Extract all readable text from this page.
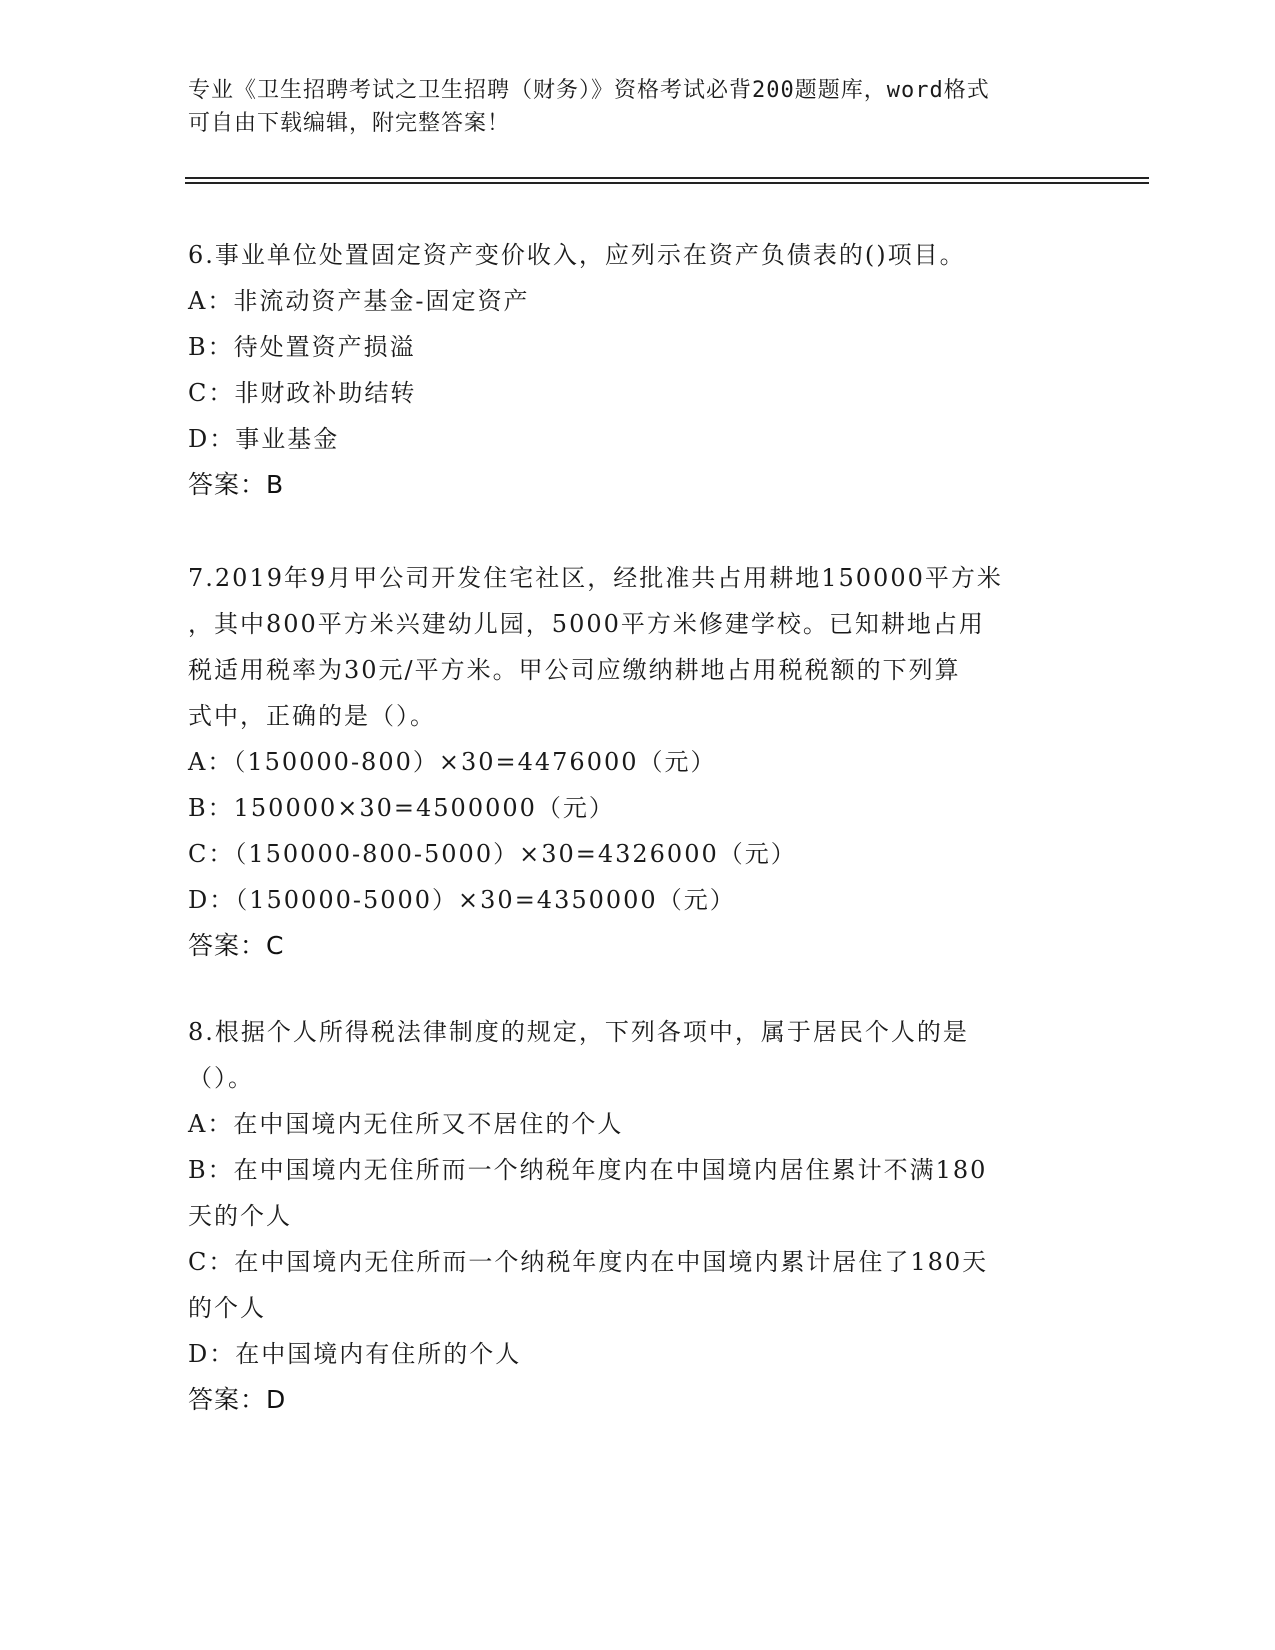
专业《卫生招聘考试之卫生招聘（财务）》资格考试必背200题题库，word格式
可自由下载编辑，附完整答案！
6.事业单位处置固定资产变价收入，应列示在资产负债表的()项目。
A：非流动资产基金-固定资产
B：待处置资产损溢
C：非财政补助结转
D：事业基金
答案：B
7.2019年9月甲公司开发住宅社区，经批准共占用耕地150000平方米
，其中800平方米兴建幼儿园，5000平方米修建学校。已知耕地占用
税适用税率为30元/平方米。甲公司应缴纳耕地占用税税额的下列算
式中，正确的是（）。
A：（150000-800）×30=4476000（元）
B：150000×30=4500000（元）
C：（150000-800-5000）×30=4326000（元）
D：（150000-5000）×30=4350000（元）
答案：C
8.根据个人所得税法律制度的规定，下列各项中，属于居民个人的是
（）。
A：在中国境内无住所又不居住的个人
B：在中国境内无住所而一个纳税年度内在中国境内居住累计不满180
天的个人
C：在中国境内无住所而一个纳税年度内在中国境内累计居住了180天
的个人
D：在中国境内有住所的个人
答案：D
